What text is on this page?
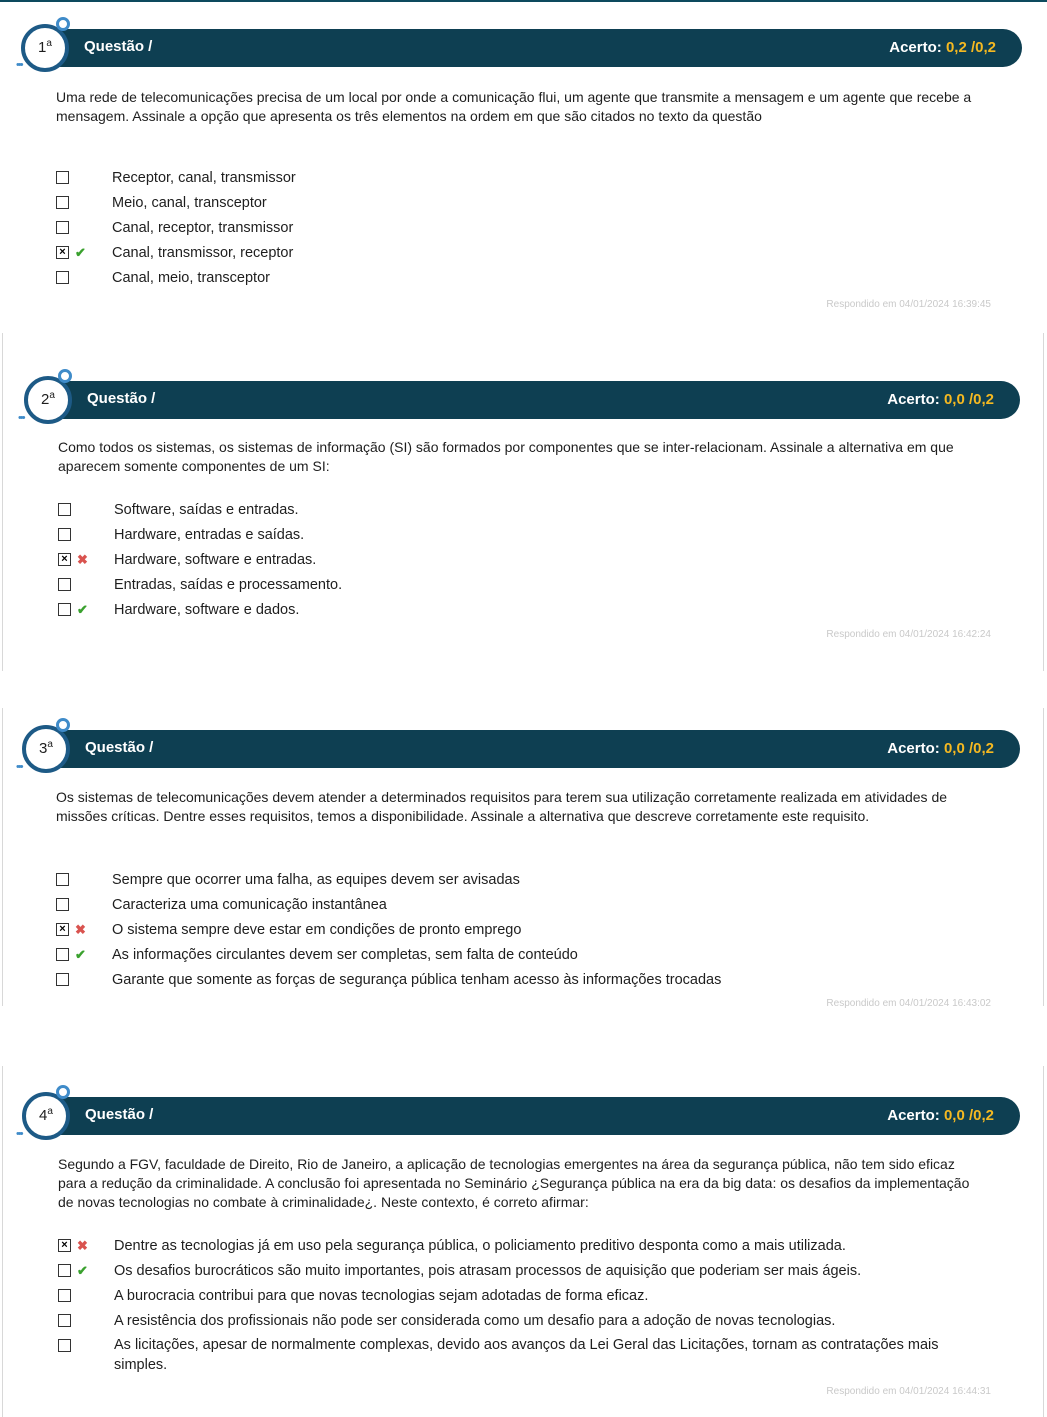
Questão /	Acerto: 0,2 /0,2
•••
1$^a$
Uma rede de telecomunicações precisa de um local por onde a comunicação flui, um agente que transmite a mensagem e um agente que recebe a mensagem. Assinale a opção que apresenta os três elementos na ordem em que são citados no texto da questão
Receptor, canal, transmissor
Meio, canal, transceptor
Canal, receptor, transmissor
× ✔ Canal, transmissor, receptor
Canal, meio, transceptor
Respondido em 04/01/2024 16:39:45
Questão /	Acerto: 0,0 /0,2
•••
2$^a$
Como todos os sistemas, os sistemas de informação (SI) são formados por componentes que se inter-relacionam. Assinale a alternativa em que aparecem somente componentes de um SI:
Software, saídas e entradas.
Hardware, entradas e saídas.
× ✖ Hardware, software e entradas.
Entradas, saídas e processamento.
✔ Hardware, software e dados.
Respondido em 04/01/2024 16:42:24
Questão /	Acerto: 0,0 /0,2
•••
3$^a$
Os sistemas de telecomunicações devem atender a determinados requisitos para terem sua utilização corretamente realizada em atividades de missões críticas. Dentre esses requisitos, temos a disponibilidade. Assinale a alternativa que descreve corretamente este requisito.
Sempre que ocorrer uma falha, as equipes devem ser avisadas
Caracteriza uma comunicação instantânea
× ✖ O sistema sempre deve estar em condições de pronto emprego
✔ As informações circulantes devem ser completas, sem falta de conteúdo
Garante que somente as forças de segurança pública tenham acesso às informações trocadas
Respondido em 04/01/2024 16:43:02
Questão /	Acerto: 0,0 /0,2
•••
4$^a$
Segundo a FGV, faculdade de Direito, Rio de Janeiro, a aplicação de tecnologias emergentes na área da segurança pública, não tem sido eficaz para a redução da criminalidade. A conclusão foi apresentada no Seminário ¿Segurança pública na era da big data: os desafios da implementação de novas tecnologias no combate à criminalidade¿. Neste contexto, é correto afirmar:
× ✖ Dentre as tecnologias já em uso pela segurança pública, o policiamento preditivo desponta como a mais utilizada.
✔ Os desafios burocráticos são muito importantes, pois atrasam processos de aquisição que poderiam ser mais ágeis.
A burocracia contribui para que novas tecnologias sejam adotadas de forma eficaz.
A resistência dos profissionais não pode ser considerada como um desafio para a adoção de novas tecnologias.
As licitações, apesar de normalmente complexas, devido aos avanços da Lei Geral das Licitações, tornam as contratações mais simples.
Respondido em 04/01/2024 16:44:31
